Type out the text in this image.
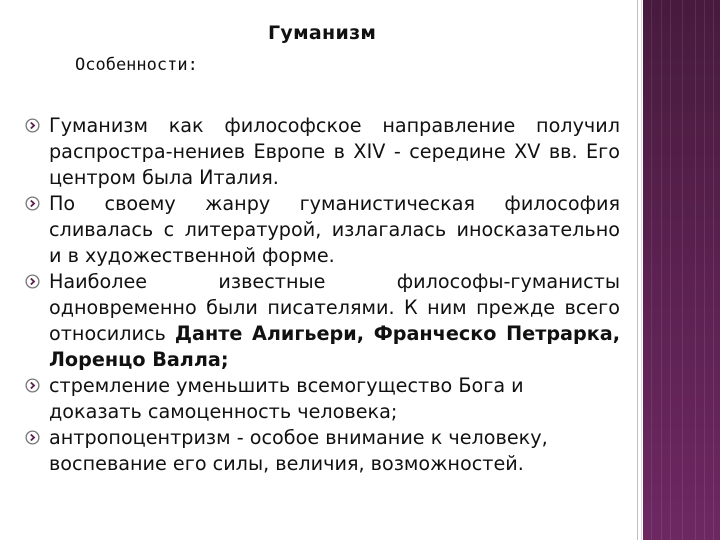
Гуманизм
Особенности:
Гуманизм как философское направление получил распростра-нениев Европе в XIV - середине XV вв. Его центром была Италия.
По своему жанру гуманистическая философия сливалась с литературой, излагалась иносказательно и в художественной форме.
Наиболее известные философы-гуманисты одновременно были писателями. К ним прежде всего относились Данте Алигьери, Франческо Петрарка, Лоренцо Валла;
стремление уменьшить всемогущество Бога и доказать самоценность человека;
антропоцентризм - особое внимание к человеку, воспевание его силы, величия, возможностей.
